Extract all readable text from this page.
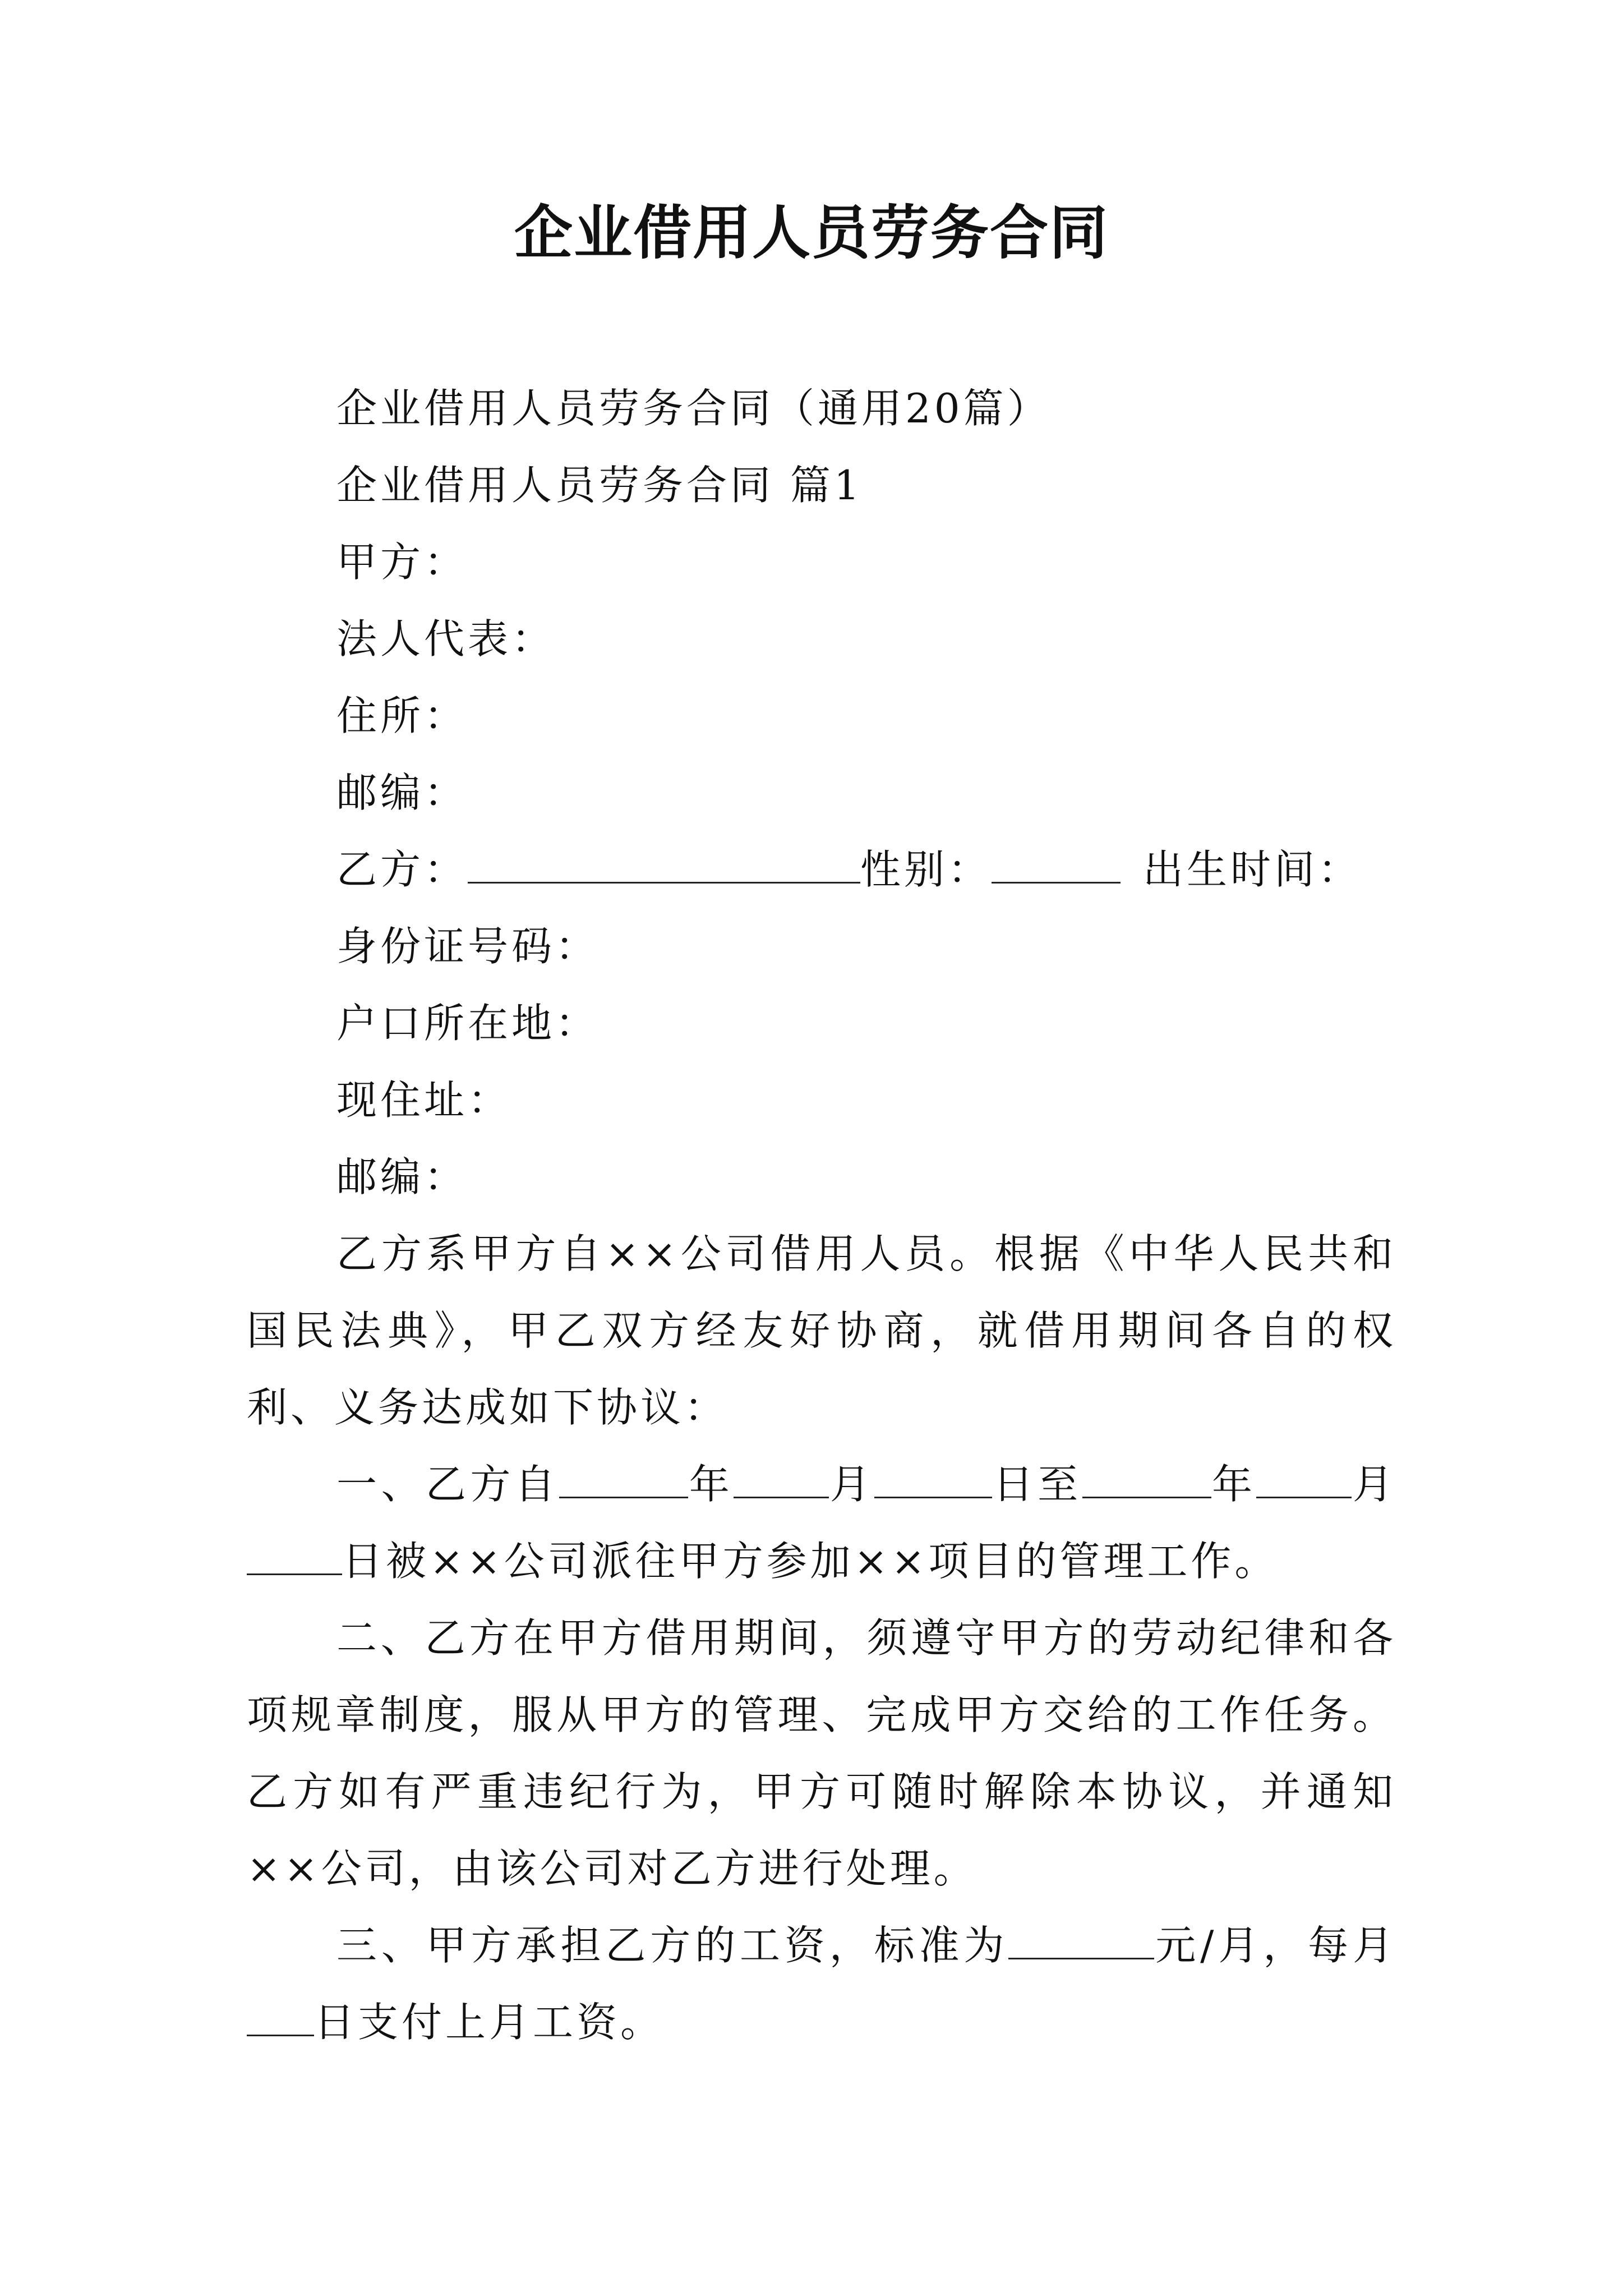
企业借用人员劳务合同

企业借用人员劳务合同（通用20篇）

企业借用人员劳务合同 篇1

甲方：

法人代表：

住所：

邮编：

乙方：	性别：	出生时间：

身份证号码：

户口所在地：

现住址：

邮编：

乙方系甲方自××公司借用人员。根据《中华人民共和国民法典》，甲乙双方经友好协商，就借用期间各自的权利、义务达成如下协议：

一、乙方自	年 月	日至	年 月日被××公司派往甲方参加××项目的管理工作。

二、乙方在甲方借用期间，须遵守甲方的劳动纪律和各项规章制度，服从甲方的管理、完成甲方交给的工作任务。乙方如有严重违纪行为，甲方可随时解除本协议，并通知××公司，由该公司对乙方进行处理。

三、甲方承担乙方的工资，标准为	元/月，每月日支付上月工资。
